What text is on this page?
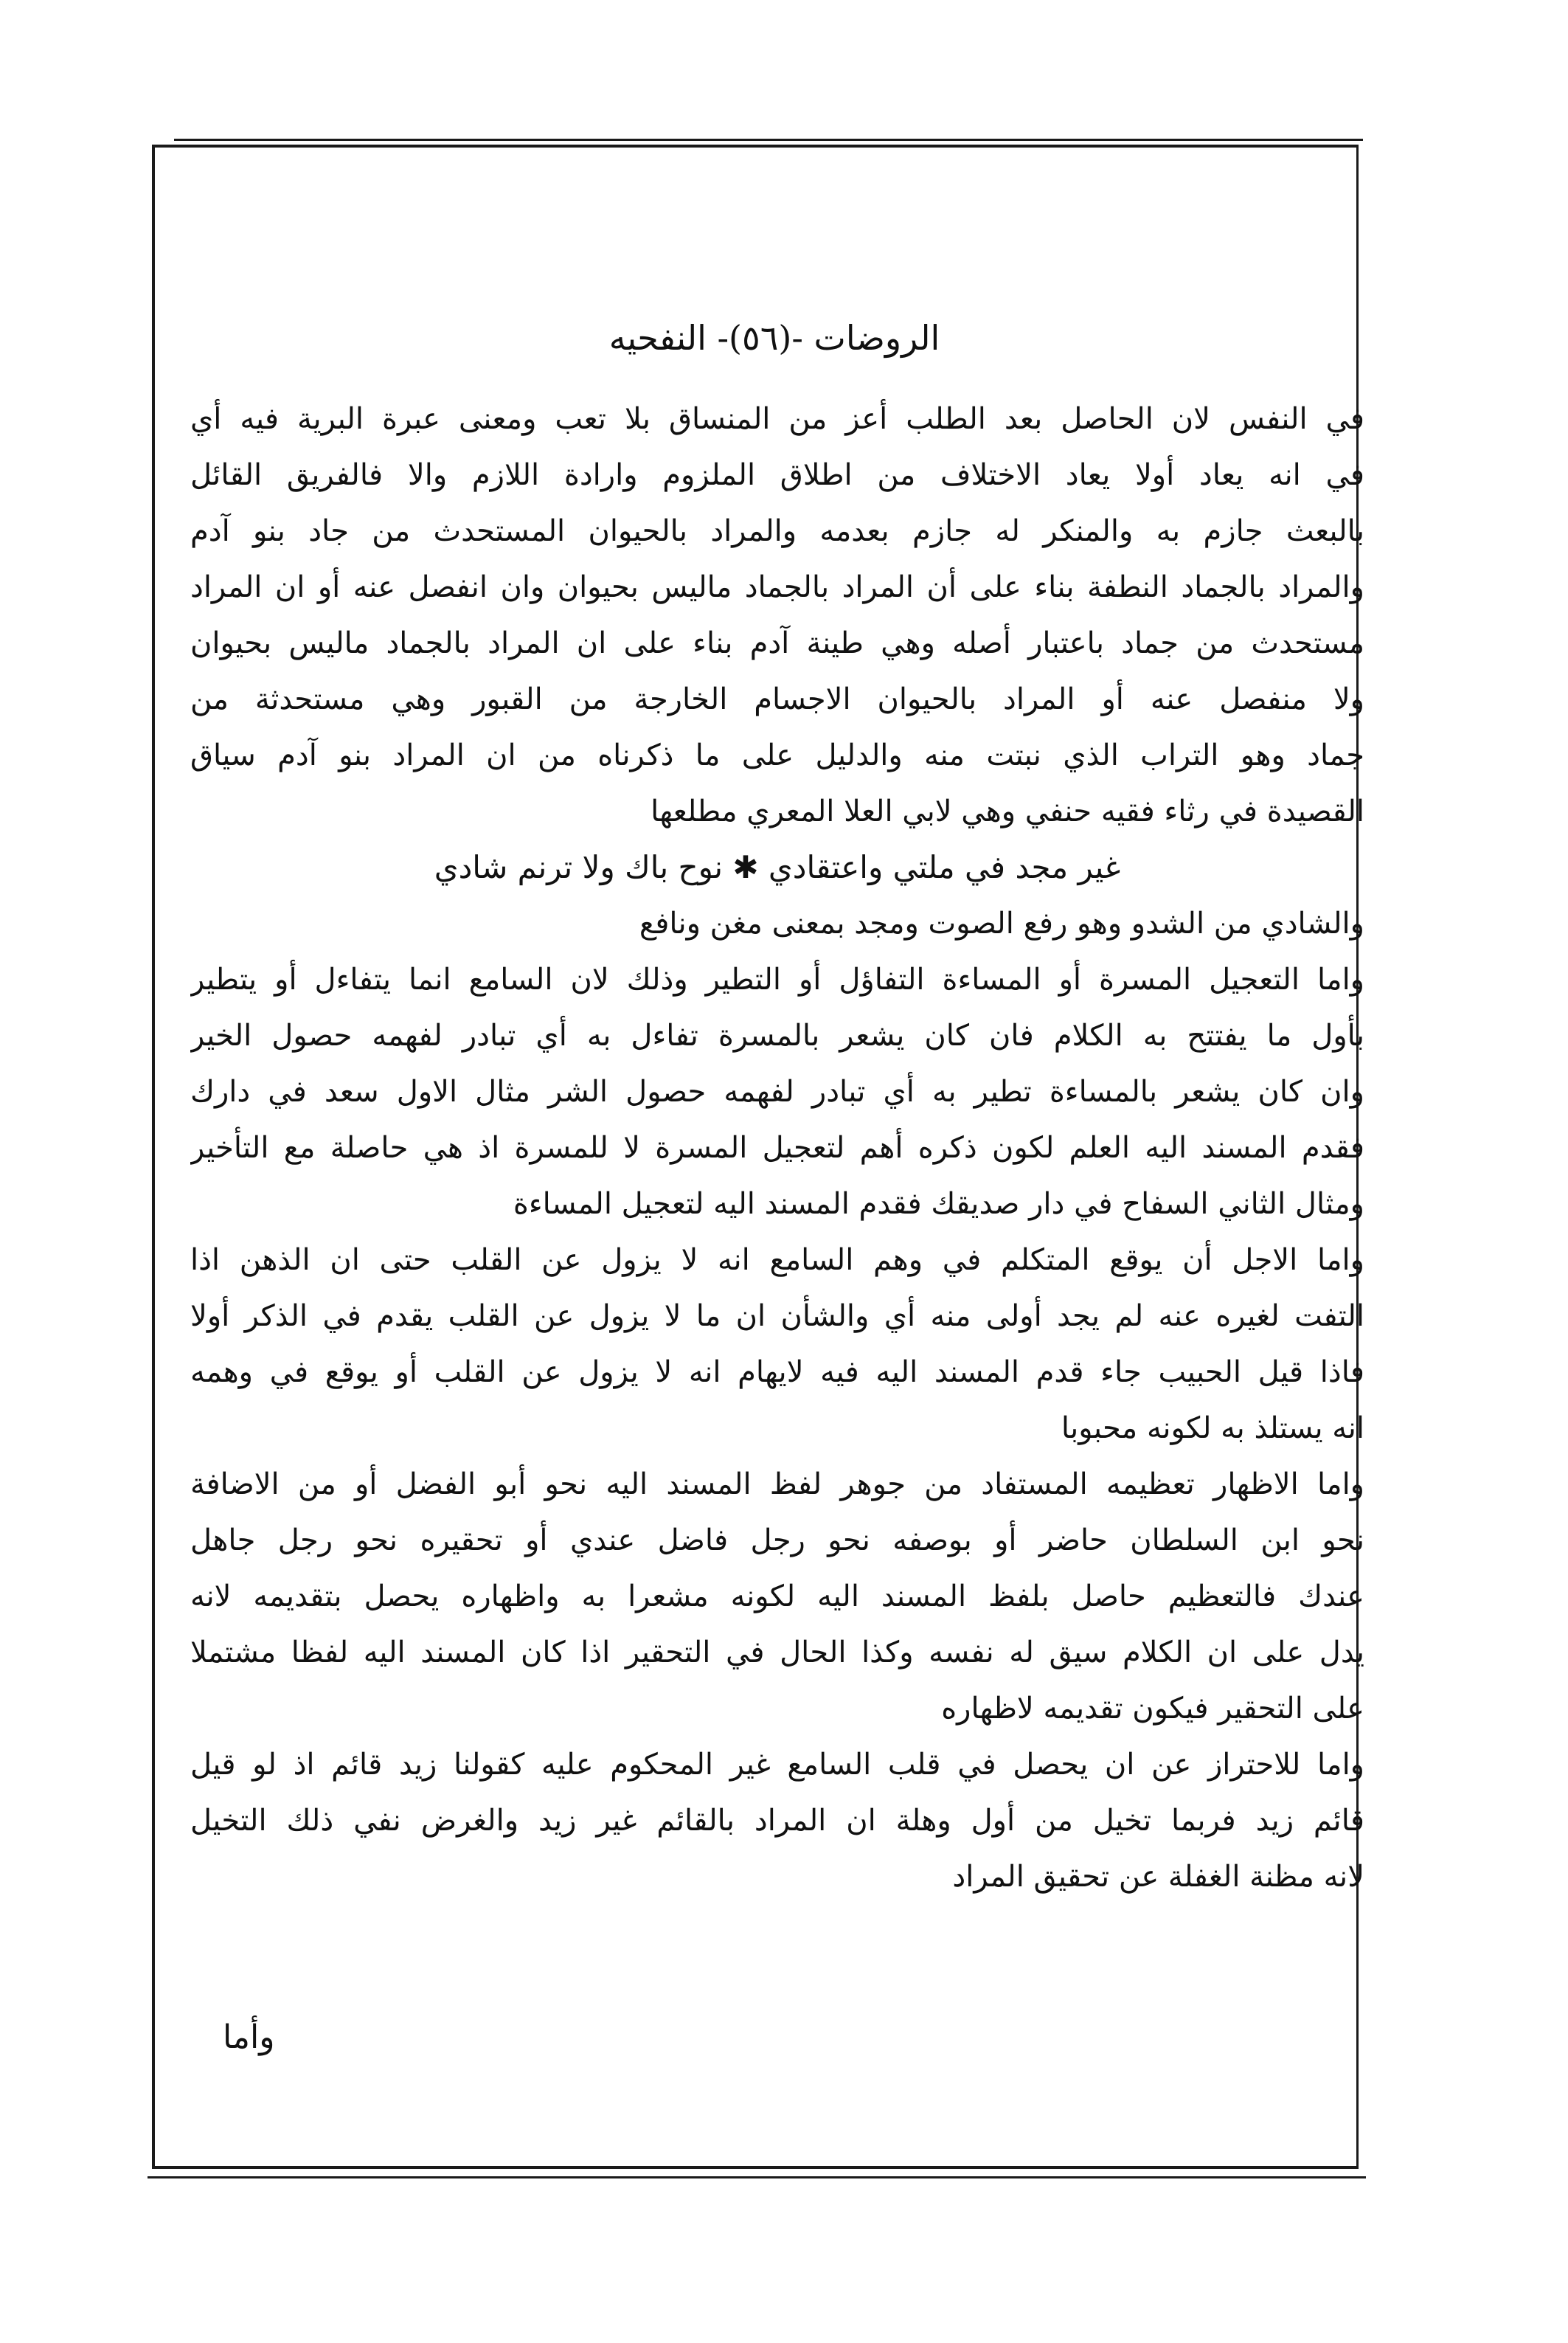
الروضات -(٥٦)- النفحيه
في النفس لان الحاصل بعد الطلب أعز من المنساق بلا تعب ومعنى عبرة البرية فيه أي
في انه يعاد أولا يعاد الاختلاف من اطلاق الملزوم وارادة اللازم والا فالفريق القائل
بالبعث جازم به والمنكر له جازم بعدمه والمراد بالحيوان المستحدث من جاد بنو آدم
والمراد بالجماد النطفة بناء على أن المراد بالجماد ماليس بحيوان وان انفصل عنه أو ان المراد
مستحدث من جماد باعتبار أصله وهي طينة آدم بناء على ان المراد بالجماد ماليس بحيوان
ولا منفصل عنه أو المراد بالحيوان الاجسام الخارجة من القبور وهي مستحدثة من
جماد وهو التراب الذي نبتت منه والدليل على ما ذكرناه من ان المراد بنو آدم سياق
القصيدة في رثاء فقيه حنفي وهي لابي العلا المعري مطلعها
غير مجد في ملتي واعتقادي ✱ نوح باك ولا ترنم شادي
والشادي من الشدو وهو رفع الصوت ومجد بمعنى مغن ونافع
واما التعجيل المسرة أو المساءة التفاؤل أو التطير وذلك لان السامع انما يتفاءل أو يتطير
بأول ما يفتتح به الكلام فان كان يشعر بالمسرة تفاءل به أي تبادر لفهمه حصول الخير
وان كان يشعر بالمساءة تطير به أي تبادر لفهمه حصول الشر مثال الاول سعد في دارك
فقدم المسند اليه العلم لكون ذكره أهم لتعجيل المسرة لا للمسرة اذ هي حاصلة مع التأخير
ومثال الثاني السفاح في دار صديقك فقدم المسند اليه لتعجيل المساءة
واما الاجل أن يوقع المتكلم في وهم السامع انه لا يزول عن القلب حتى ان الذهن اذا
التفت لغيره عنه لم يجد أولى منه أي والشأن ان ما لا يزول عن القلب يقدم في الذكر أولا
فاذا قيل الحبيب جاء قدم المسند اليه فيه لايهام انه لا يزول عن القلب أو يوقع في وهمه
انه يستلذ به لكونه محبوبا
واما الاظهار تعظيمه المستفاد من جوهر لفظ المسند اليه نحو أبو الفضل أو من الاضافة
نحو ابن السلطان حاضر أو بوصفه نحو رجل فاضل عندي أو تحقيره نحو رجل جاهل
عندك فالتعظيم حاصل بلفظ المسند اليه لكونه مشعرا به واظهاره يحصل بتقديمه لانه
يدل على ان الكلام سيق له نفسه وكذا الحال في التحقير اذا كان المسند اليه لفظا مشتملا
على التحقير فيكون تقديمه لاظهاره
واما للاحتراز عن ان يحصل في قلب السامع غير المحكوم عليه كقولنا زيد قائم اذ لو قيل
قائم زيد فربما تخيل من أول وهلة ان المراد بالقائم غير زيد والغرض نفي ذلك التخيل
لانه مظنة الغفلة عن تحقيق المراد
وأما
